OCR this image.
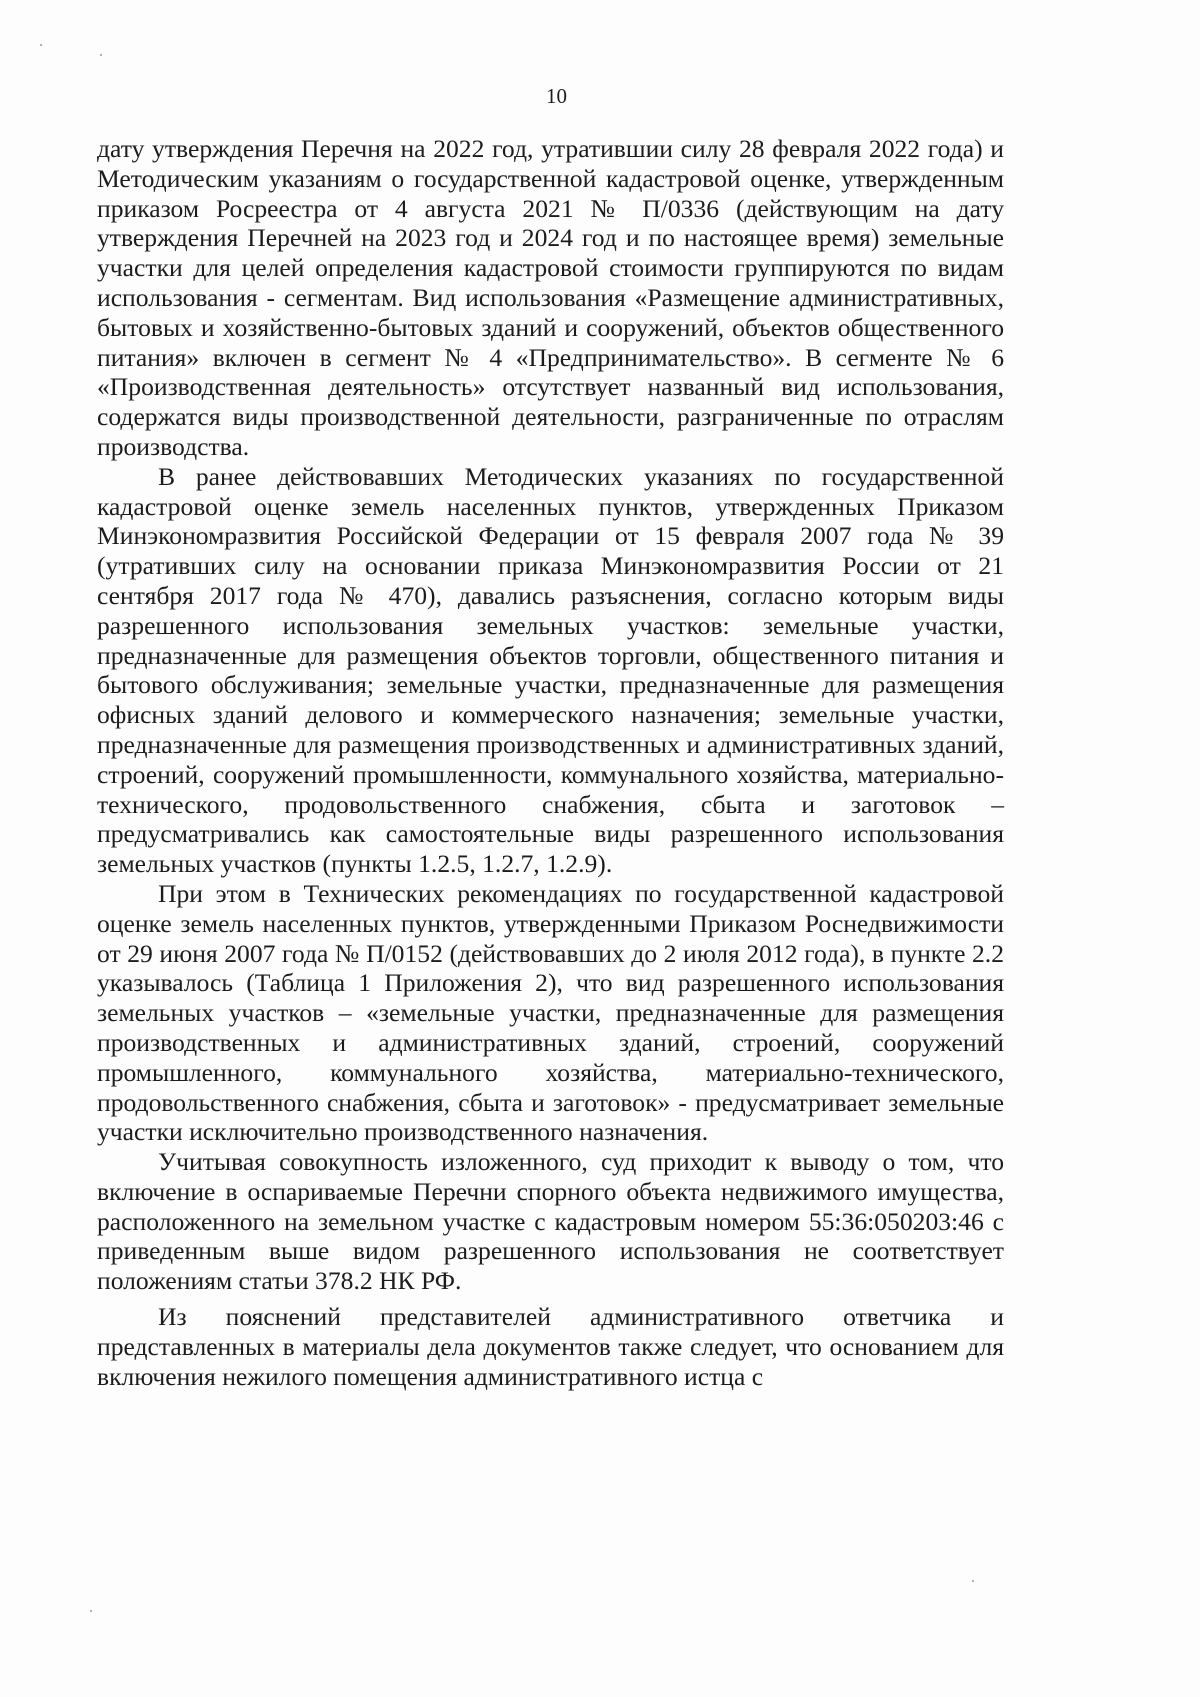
10

дату утверждения Перечня на 2022 год, утратившии силу 28 февраля 2022 года) и Методическим указаниям о государственной кадастровой оценке, утвержденным приказом Росреестра от 4 августа 2021 № П/0336 (действующим на дату утверждения Перечней на 2023 год и 2024 год и по настоящее время) земельные участки для целей определения кадастровой стоимости группируются по видам использования - сегментам. Вид использования «Размещение административных, бытовых и хозяйственно-бытовых зданий и сооружений, объектов общественного питания» включен в сегмент № 4 «Предпринимательство». В сегменте № 6 «Производственная деятельность» отсутствует названный вид использования, содержатся виды производственной деятельности, разграниченные по отраслям производства.

В ранее действовавших Методических указаниях по государственной кадастровой оценке земель населенных пунктов, утвержденных Приказом Минэкономразвития Российской Федерации от 15 февраля 2007 года № 39 (утративших силу на основании приказа Минэкономразвития России от 21 сентября 2017 года № 470), давались разъяснения, согласно которым виды разрешенного использования земельных участков: земельные участки, предназначенные для размещения объектов торговли, общественного питания и бытового обслуживания; земельные участки, предназначенные для размещения офисных зданий делового и коммерческого назначения; земельные участки, предназначенные для размещения производственных и административных зданий, строений, сооружений промышленности, коммунального хозяйства, материально-технического, продовольственного снабжения, сбыта и заготовок – предусматривались как самостоятельные виды разрешенного использования земельных участков (пункты 1.2.5, 1.2.7, 1.2.9).

При этом в Технических рекомендациях по государственной кадастровой оценке земель населенных пунктов, утвержденными Приказом Роснедвижимости от 29 июня 2007 года № П/0152 (действовавших до 2 июля 2012 года), в пункте 2.2 указывалось (Таблица 1 Приложения 2), что вид разрешенного использования земельных участков – «земельные участки, предназначенные для размещения производственных и административных зданий, строений, сооружений промышленного, коммунального хозяйства, материально-технического, продовольственного снабжения, сбыта и заготовок» - предусматривает земельные участки исключительно производственного назначения.

Учитывая совокупность изложенного, суд приходит к выводу о том, что включение в оспариваемые Перечни спорного объекта недвижимого имущества, расположенного на земельном участке с кадастровым номером 55:36:050203:46 с приведенным выше видом разрешенного использования не соответствует положениям статьи 378.2 НК РФ.

Из пояснений представителей административного ответчика и представленных в материалы дела документов также следует, что основанием для включения нежилого помещения административного истца с
